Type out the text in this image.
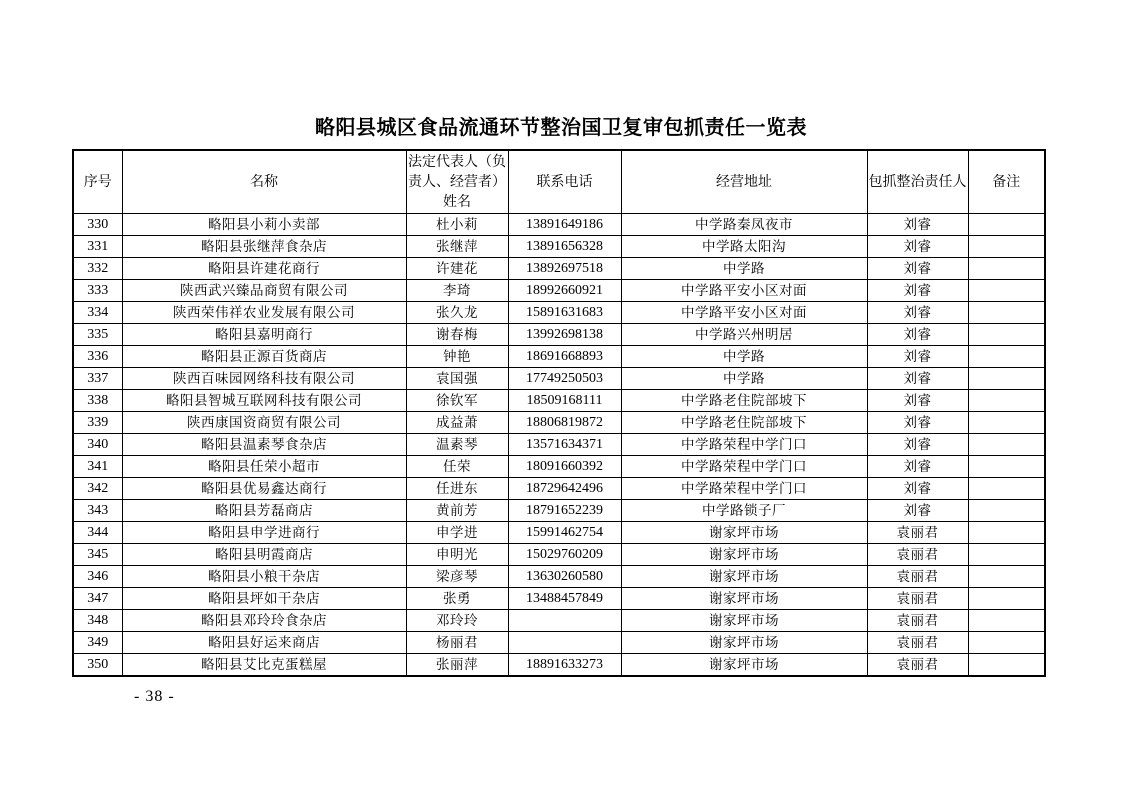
略阳县城区食品流通环节整治国卫复审包抓责任一览表
序号	名称	法定代表人（负责人、经营者）姓名	联系电话	经营地址	包抓整治责任人	备注
330	略阳县小莉小卖部	杜小莉	13891649186	中学路秦凤夜市	刘睿	
331	略阳县张继萍食杂店	张继萍	13891656328	中学路太阳沟	刘睿	
332	略阳县许建花商行	许建花	13892697518	中学路	刘睿	
333	陕西武兴臻品商贸有限公司	李琦	18992660921	中学路平安小区对面	刘睿	
334	陕西荣伟祥农业发展有限公司	张久龙	15891631683	中学路平安小区对面	刘睿	
335	略阳县嘉明商行	谢春梅	13992698138	中学路兴州明居	刘睿	
336	略阳县正源百货商店	钟艳	18691668893	中学路	刘睿	
337	陕西百味园网络科技有限公司	袁国强	17749250503	中学路	刘睿	
338	略阳县智城互联网科技有限公司	徐钦军	18509168111	中学路老住院部坡下	刘睿	
339	陕西康国资商贸有限公司	成益萧	18806819872	中学路老住院部坡下	刘睿	
340	略阳县温素琴食杂店	温素琴	13571634371	中学路荣程中学门口	刘睿	
341	略阳县任荣小超市	任荣	18091660392	中学路荣程中学门口	刘睿	
342	略阳县优易鑫达商行	任进东	18729642496	中学路荣程中学门口	刘睿	
343	略阳县芳磊商店	黄前芳	18791652239	中学路锁子厂	刘睿	
344	略阳县申学进商行	申学进	15991462754	谢家坪市场	袁丽君	
345	略阳县明霞商店	申明光	15029760209	谢家坪市场	袁丽君	
346	略阳县小粮干杂店	梁彦琴	13630260580	谢家坪市场	袁丽君	
347	略阳县坪如干杂店	张勇	13488457849	谢家坪市场	袁丽君	
348	略阳县邓玲玲食杂店	邓玲玲		谢家坪市场	袁丽君	
349	略阳县好运来商店	杨丽君		谢家坪市场	袁丽君	
350	略阳县艾比克蛋糕屋	张丽萍	18891633273	谢家坪市场	袁丽君	
- 38 -
